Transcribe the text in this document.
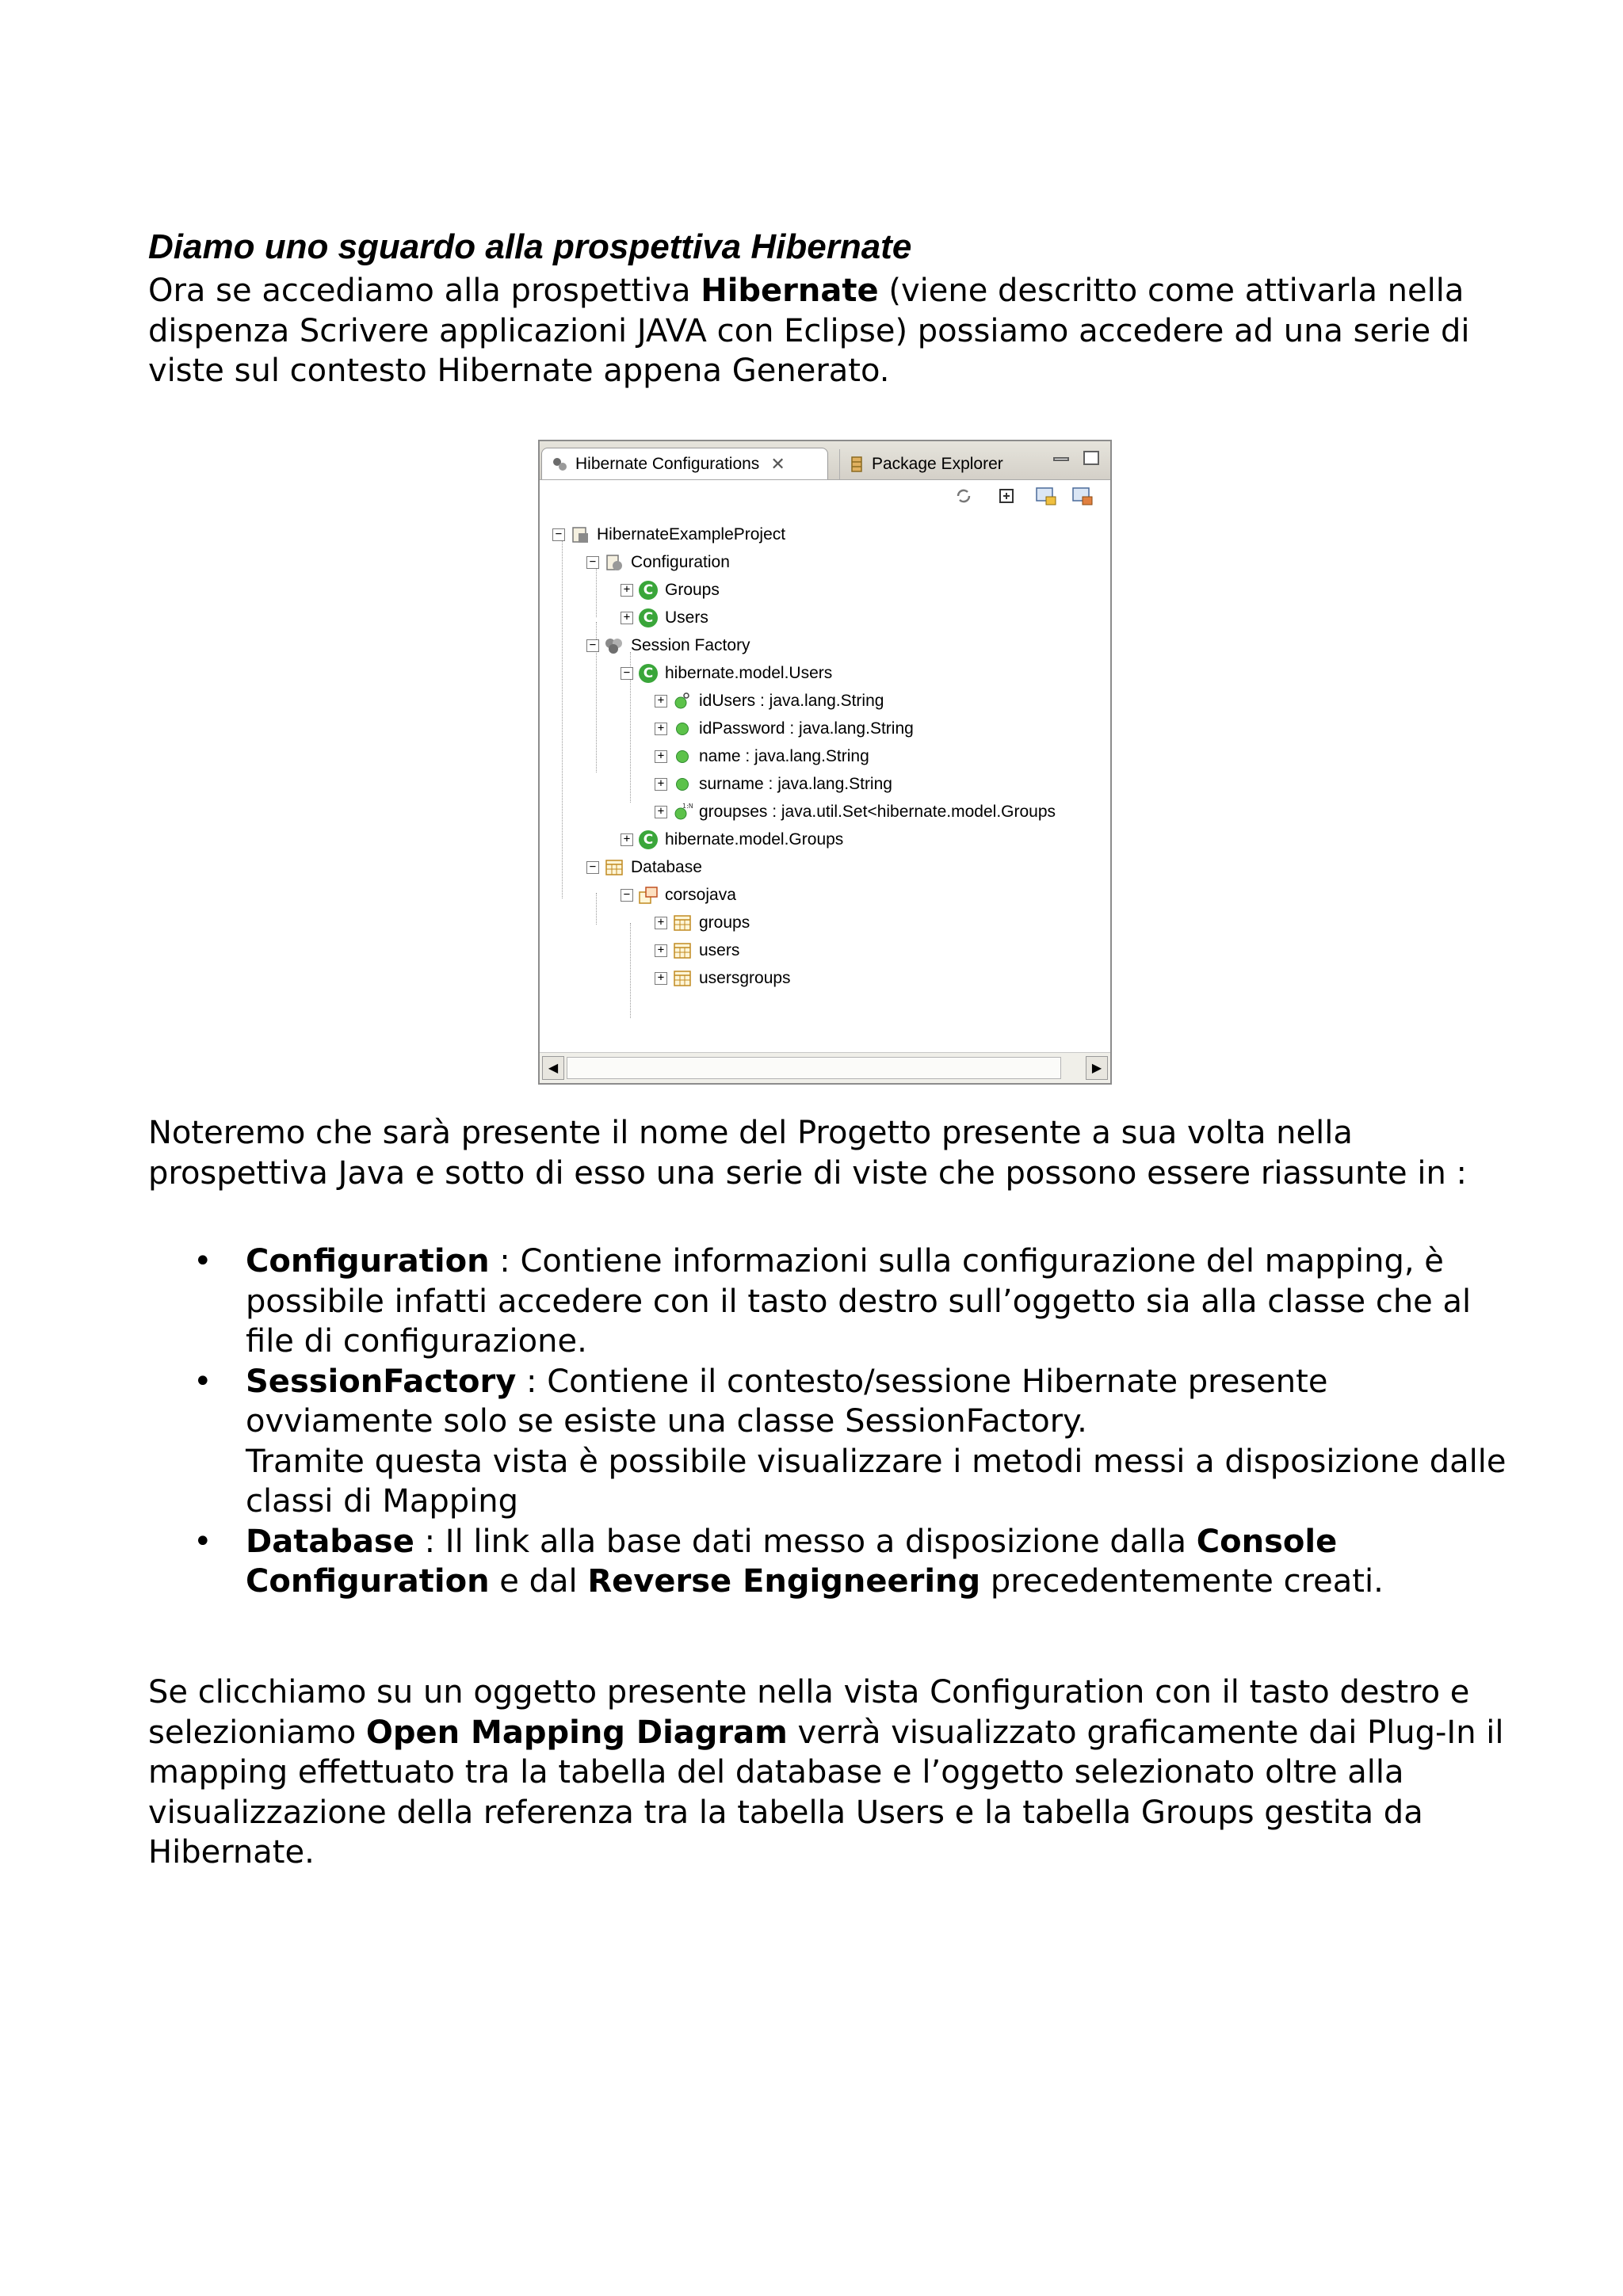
Diamo uno sguardo alla prospettiva Hibernate

Ora se accediamo alla prospettiva Hibernate (viene descritto come attivarla nella dispenza Scrivere applicazioni JAVA con Eclipse) possiamo accedere ad una serie di viste sul contesto Hibernate appena Generato.

Hibernate Configurations ✕	Package Explorer
− HibernateExampleProject
− Configuration
+ C Groups
+ C Users
− Session Factory
− C hibernate.model.Users
+ idUsers : java.lang.String
+ idPassword : java.lang.String
+ name : java.lang.String
+ surname : java.lang.String
+	1:N groupses : java.util.Set<hibernate.model.Groups
+ C hibernate.model.Groups
− Database
− corsojava
+ groups
+ users
+ usersgroups
◀	▶

Noteremo che sarà presente il nome del Progetto presente a sua volta nella prospettiva Java e sotto di esso una serie di viste che possono essere riassunte in :

• Configuration : Contiene informazioni sulla configurazione del mapping, è possibile infatti accedere con il tasto destro sull’oggetto sia alla classe che al file di configurazione.
• SessionFactory : Contiene il contesto/sessione Hibernate presente ovviamente solo se esiste una classe SessionFactory.
Tramite questa vista è possibile visualizzare i metodi messi a disposizione dalle classi di Mapping
• Database : Il link alla base dati messo a disposizione dalla Console Configuration e dal Reverse Engigneering precedentemente creati.

Se clicchiamo su un oggetto presente nella vista Configuration con il tasto destro e selezioniamo Open Mapping Diagram verrà visualizzato graficamente dai Plug-In il mapping effettuato tra la tabella del database e l’oggetto selezionato oltre alla visualizzazione della referenza tra la tabella Users e la tabella Groups gestita da Hibernate.
